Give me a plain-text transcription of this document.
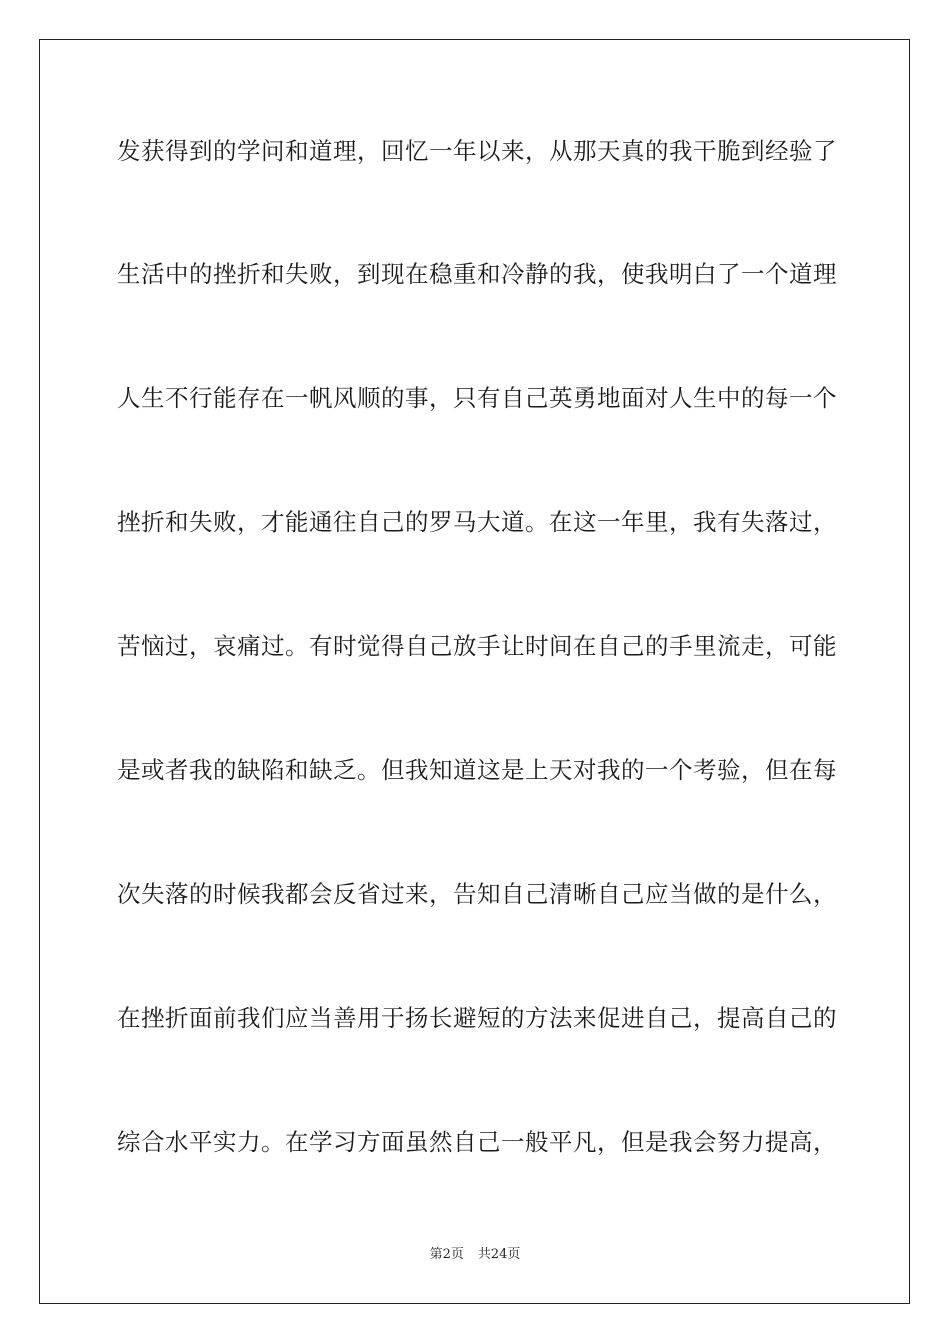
发获得到的学问和道理，回忆一年以来，从那天真的我干脆到经验了
生活中的挫折和失败，到现在稳重和冷静的我，使我明白了一个道理
人生不行能存在一帆风顺的事，只有自己英勇地面对人生中的每一个
挫折和失败，才能通往自己的罗马大道。在这一年里，我有失落过，
苦恼过，哀痛过。有时觉得自己放手让时间在自己的手里流走，可能
是或者我的缺陷和缺乏。但我知道这是上天对我的一个考验，但在每
次失落的时候我都会反省过来，告知自己清晰自己应当做的是什么，
在挫折面前我们应当善用于扬长避短的方法来促进自己，提高自己的
综合水平实力。在学习方面虽然自己一般平凡，但是我会努力提高，
第2页 共24页
